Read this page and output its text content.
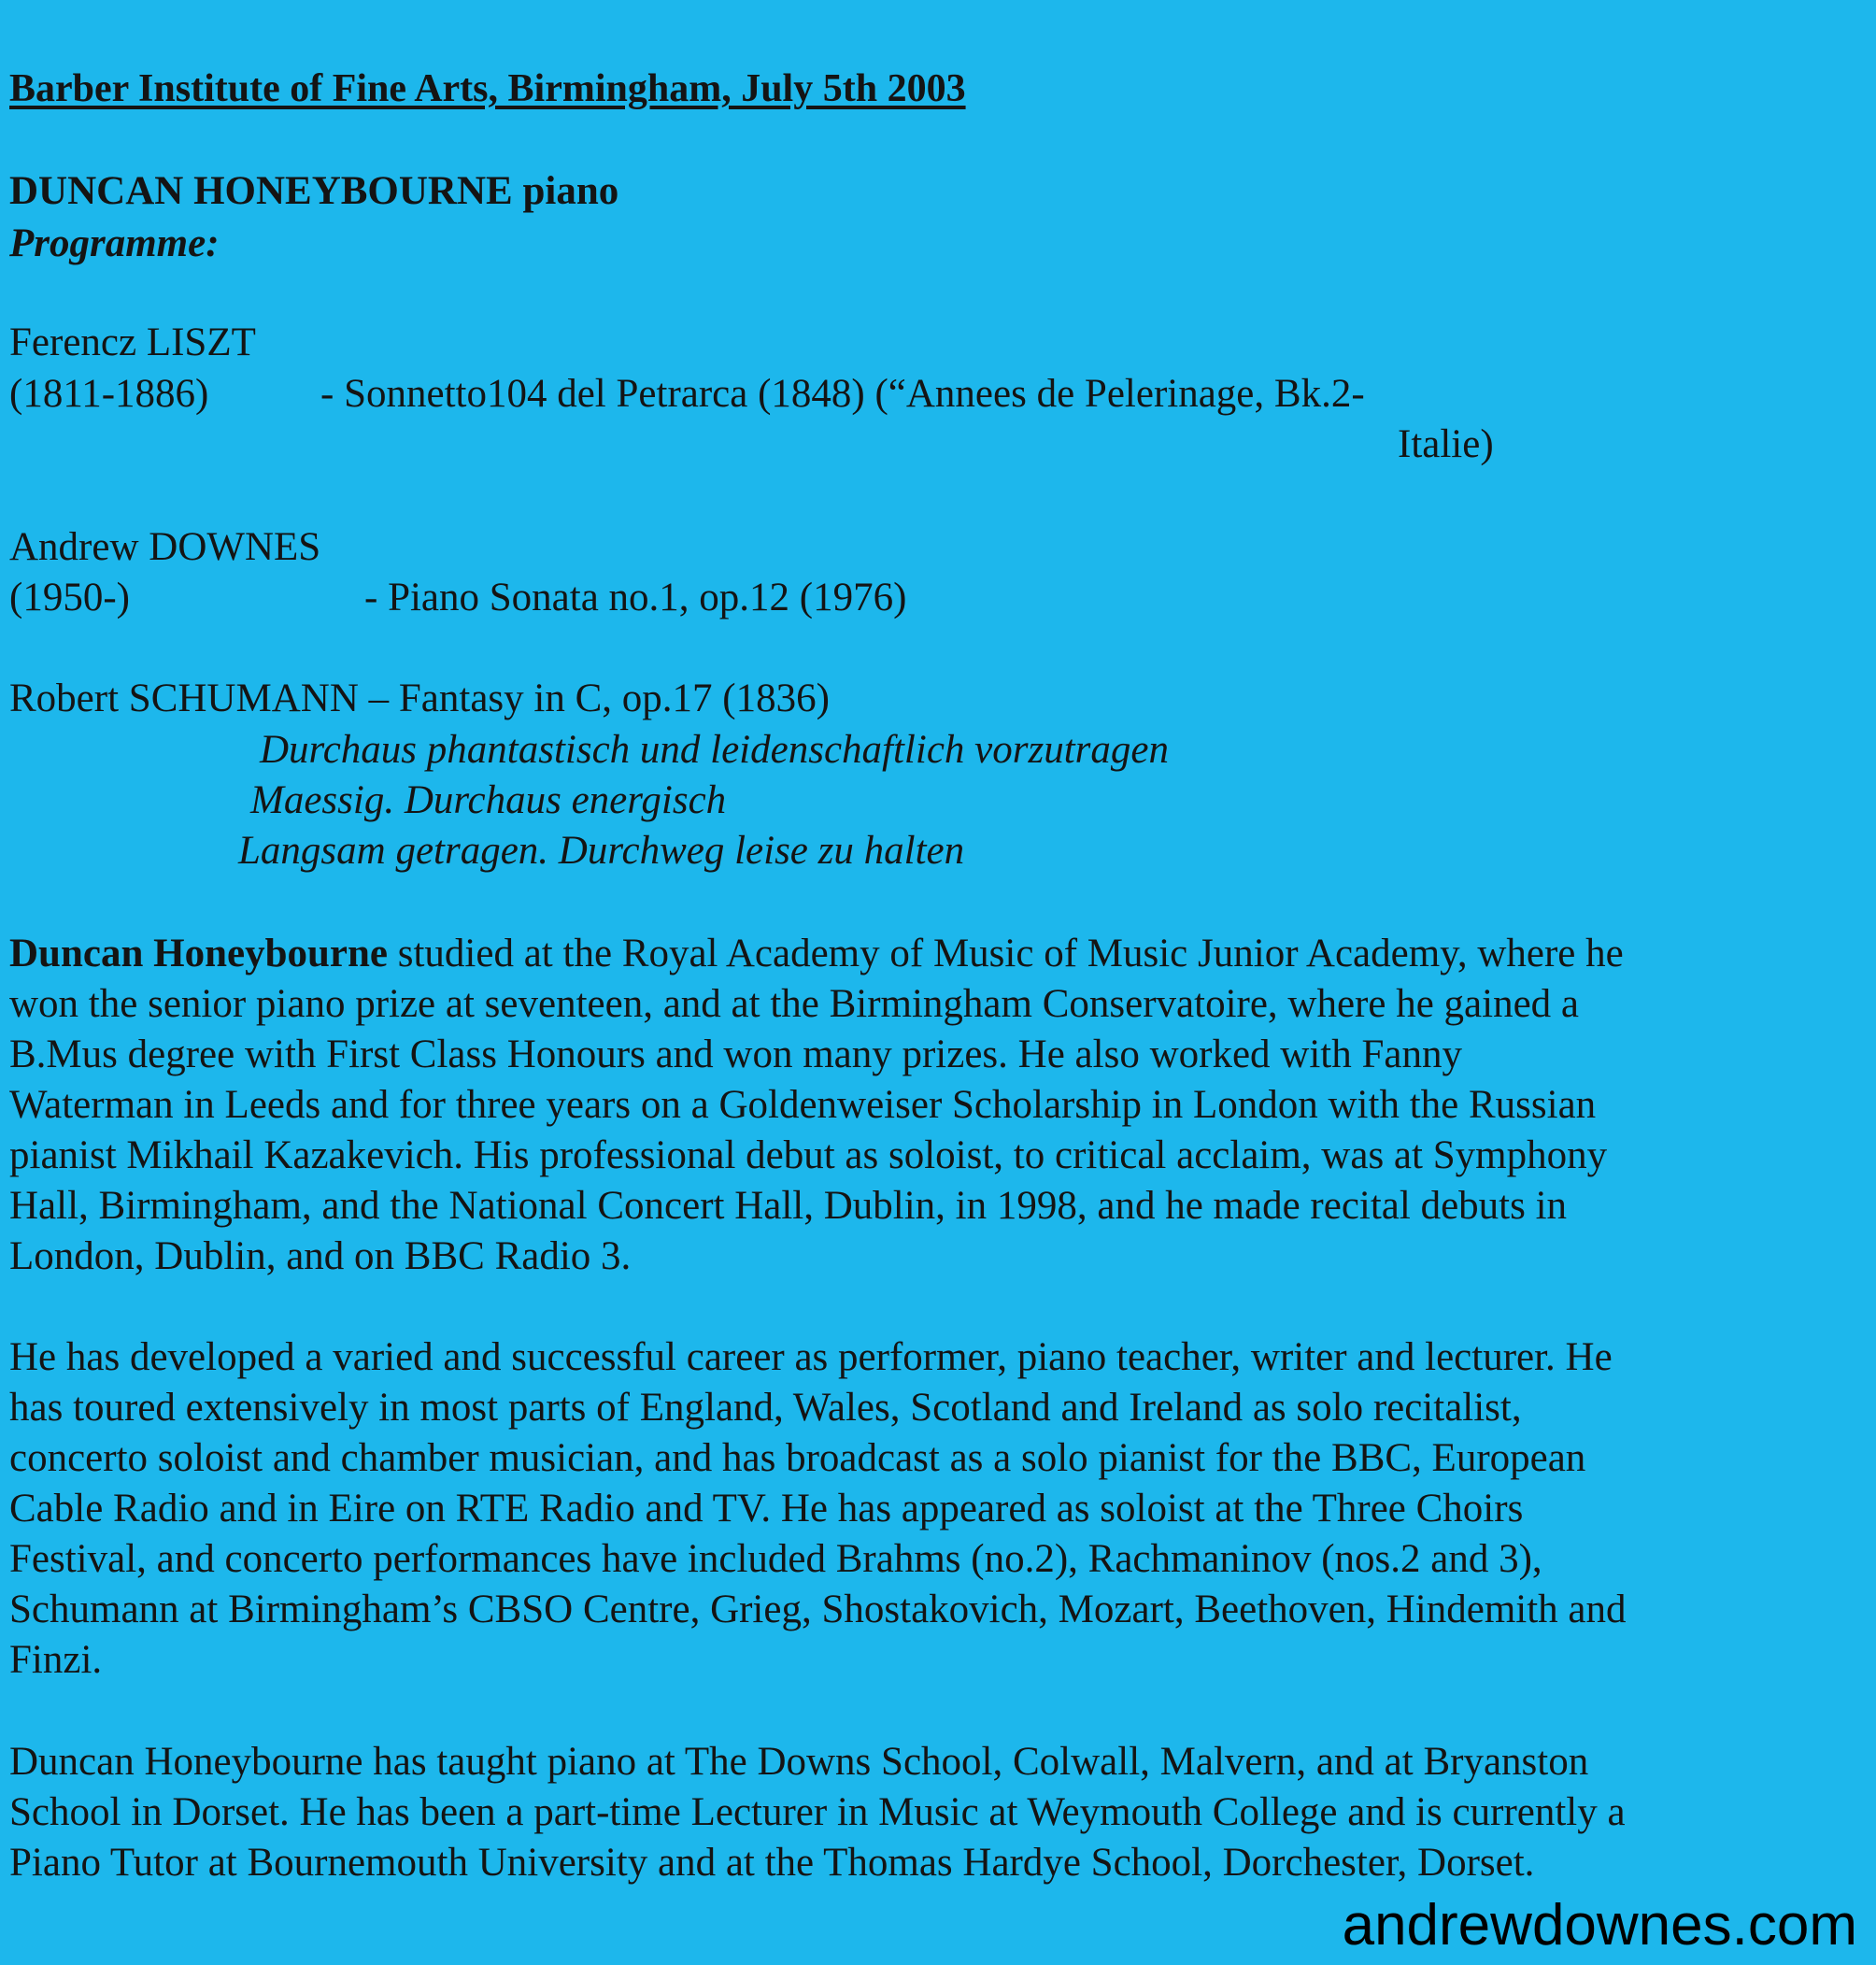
Barber Institute of Fine Arts, Birmingham, July 5th 2003
DUNCAN HONEYBOURNE piano
Programme:
Ferencz LISZT
(1811-1886)	- Sonnetto104 del Petrarca (1848) (“Annees de Pelerinage, Bk.2-
Italie)
Andrew DOWNES
(1950-)	- Piano Sonata no.1, op.12 (1976)
Robert SCHUMANN – Fantasy in C, op.17 (1836)
Durchaus phantastisch und leidenschaftlich vorzutragen
Maessig. Durchaus energisch
Langsam getragen. Durchweg leise zu halten
Duncan Honeybourne studied at the Royal Academy of Music of Music Junior Academy, where he
won the senior piano prize at seventeen, and at the Birmingham Conservatoire, where he gained a
B.Mus degree with First Class Honours and won many prizes. He also worked with Fanny
Waterman in Leeds and for three years on a Goldenweiser Scholarship in London with the Russian
pianist Mikhail Kazakevich. His professional debut as soloist, to critical acclaim, was at Symphony
Hall, Birmingham, and the National Concert Hall, Dublin, in 1998, and he made recital debuts in
London, Dublin, and on BBC Radio 3.
He has developed a varied and successful career as performer, piano teacher, writer and lecturer. He
has toured extensively in most parts of England, Wales, Scotland and Ireland as solo recitalist,
concerto soloist and chamber musician, and has broadcast as a solo pianist for the BBC, European
Cable Radio and in Eire on RTE Radio and TV. He has appeared as soloist at the Three Choirs
Festival, and concerto performances have included Brahms (no.2), Rachmaninov (nos.2 and 3),
Schumann at Birmingham’s CBSO Centre, Grieg, Shostakovich, Mozart, Beethoven, Hindemith and
Finzi.
Duncan Honeybourne has taught piano at The Downs School, Colwall, Malvern, and at Bryanston
School in Dorset. He has been a part-time Lecturer in Music at Weymouth College and is currently a
Piano Tutor at Bournemouth University and at the Thomas Hardye School, Dorchester, Dorset.
andrewdownes.com
